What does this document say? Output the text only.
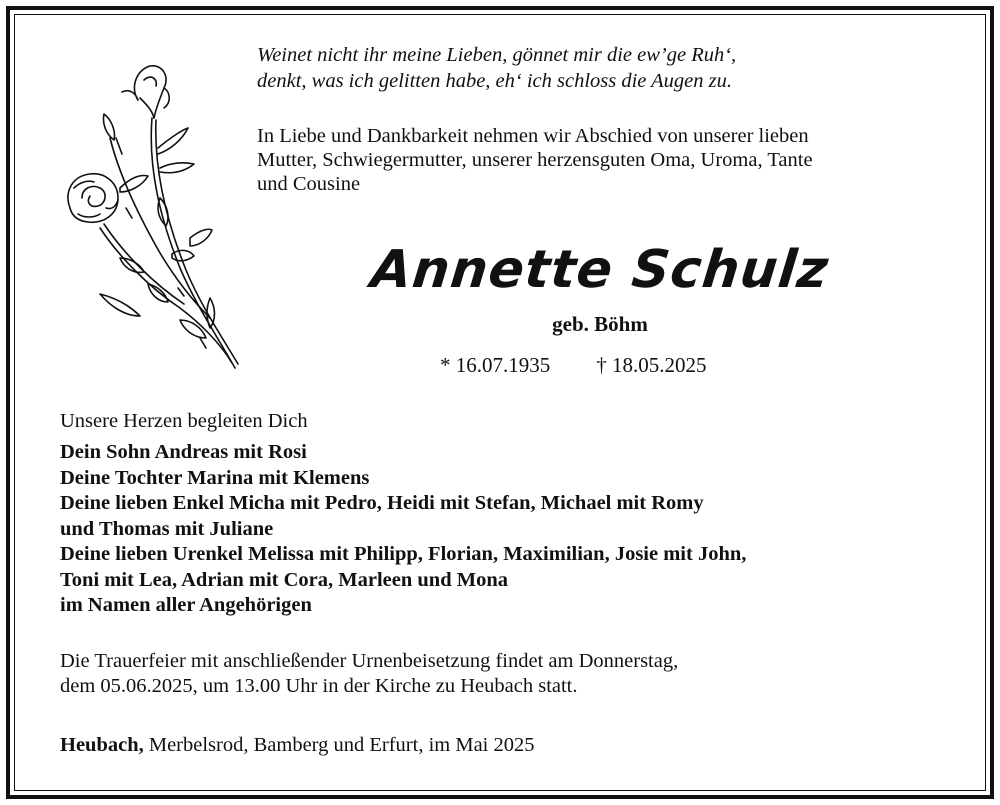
Weinet nicht ihr meine Lieben, gönnet mir die ew’ge Ruh‘,
denkt, was ich gelitten habe, eh‘ ich schloss die Augen zu.
In Liebe und Dankbarkeit nehmen wir Abschied von unserer lieben
Mutter, Schwiegermutter, unserer herzensguten Oma, Uroma, Tante
und Cousine
Annette Schulz
geb. Böhm
* 16.07.1935 † 18.05.2025
Unsere Herzen begleiten Dich
Dein Sohn Andreas mit Rosi
Deine Tochter Marina mit Klemens
Deine lieben Enkel Micha mit Pedro, Heidi mit Stefan, Michael mit Romy
und Thomas mit Juliane
Deine lieben Urenkel Melissa mit Philipp, Florian, Maximilian, Josie mit John,
Toni mit Lea, Adrian mit Cora, Marleen und Mona
im Namen aller Angehörigen
Die Trauerfeier mit anschließender Urnenbeisetzung findet am Donnerstag,
dem 05.06.2025, um 13.00 Uhr in der Kirche zu Heubach statt.
Heubach, Merbelsrod, Bamberg und Erfurt, im Mai 2025
